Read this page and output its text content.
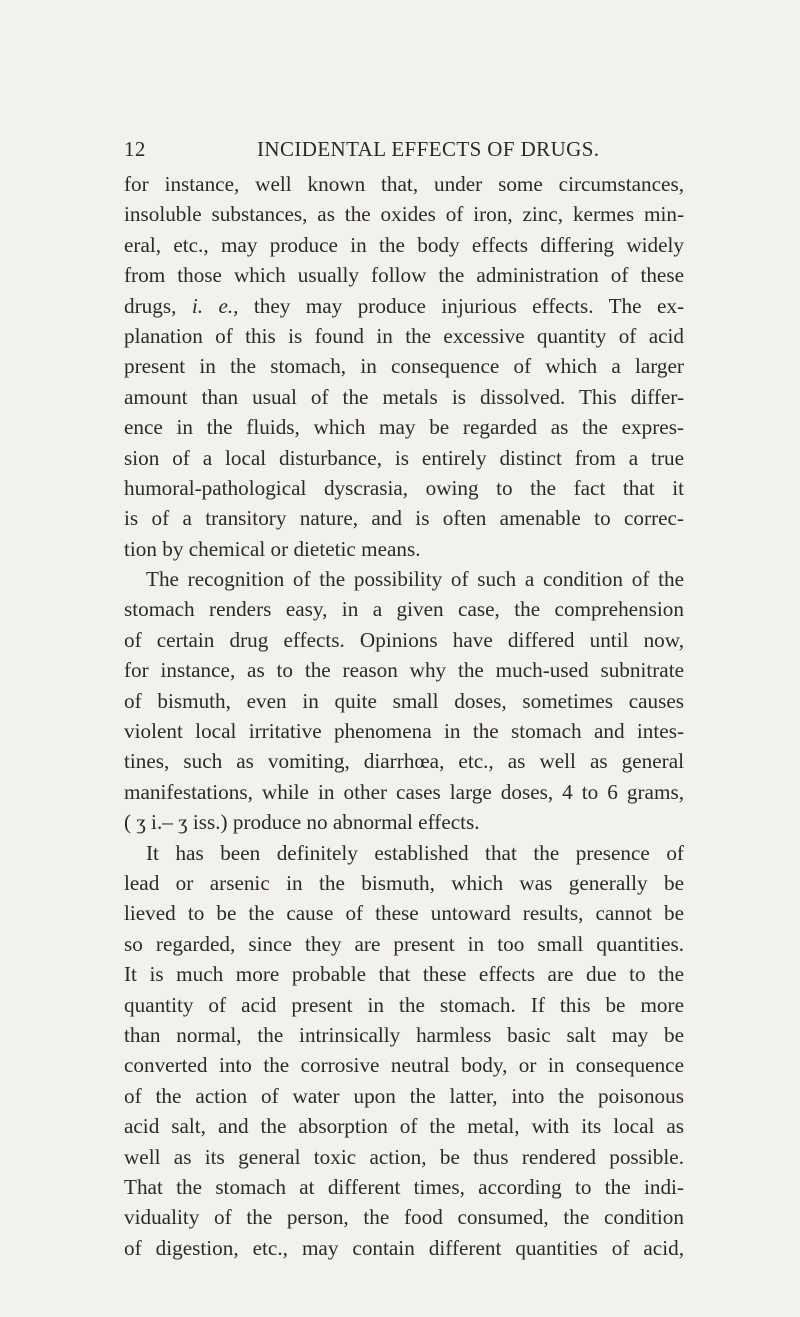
12	INCIDENTAL EFFECTS OF DRUGS.
for instance, well known that, under some circumstances,
insoluble substances, as the oxides of iron, zinc, kermes min-
eral, etc., may produce in the body effects differing widely
from those which usually follow the administration of these
drugs, i. e., they may produce injurious effects. The ex-
planation of this is found in the excessive quantity of acid
present in the stomach, in consequence of which a larger
amount than usual of the metals is dissolved. This differ-
ence in the fluids, which may be regarded as the expres-
sion of a local disturbance, is entirely distinct from a true
humoral-pathological dyscrasia, owing to the fact that it
is of a transitory nature, and is often amenable to correc-
tion by chemical or dietetic means.
The recognition of the possibility of such a condition of the
stomach renders easy, in a given case, the comprehension
of certain drug effects. Opinions have differed until now,
for instance, as to the reason why the much-used subnitrate
of bismuth, even in quite small doses, sometimes causes
violent local irritative phenomena in the stomach and intes-
tines, such as vomiting, diarrhœa, etc., as well as general
manifestations, while in other cases large doses, 4 to 6 grams,
( ʒ i.– ʒ iss.) produce no abnormal effects.
It has been definitely established that the presence of
lead or arsenic in the bismuth, which was generally be
lieved to be the cause of these untoward results, cannot be
so regarded, since they are present in too small quantities.
It is much more probable that these effects are due to the
quantity of acid present in the stomach. If this be more
than normal, the intrinsically harmless basic salt may be
converted into the corrosive neutral body, or in consequence
of the action of water upon the latter, into the poisonous
acid salt, and the absorption of the metal, with its local as
well as its general toxic action, be thus rendered possible.
That the stomach at different times, according to the indi-
viduality of the person, the food consumed, the condition
of digestion, etc., may contain different quantities of acid,
